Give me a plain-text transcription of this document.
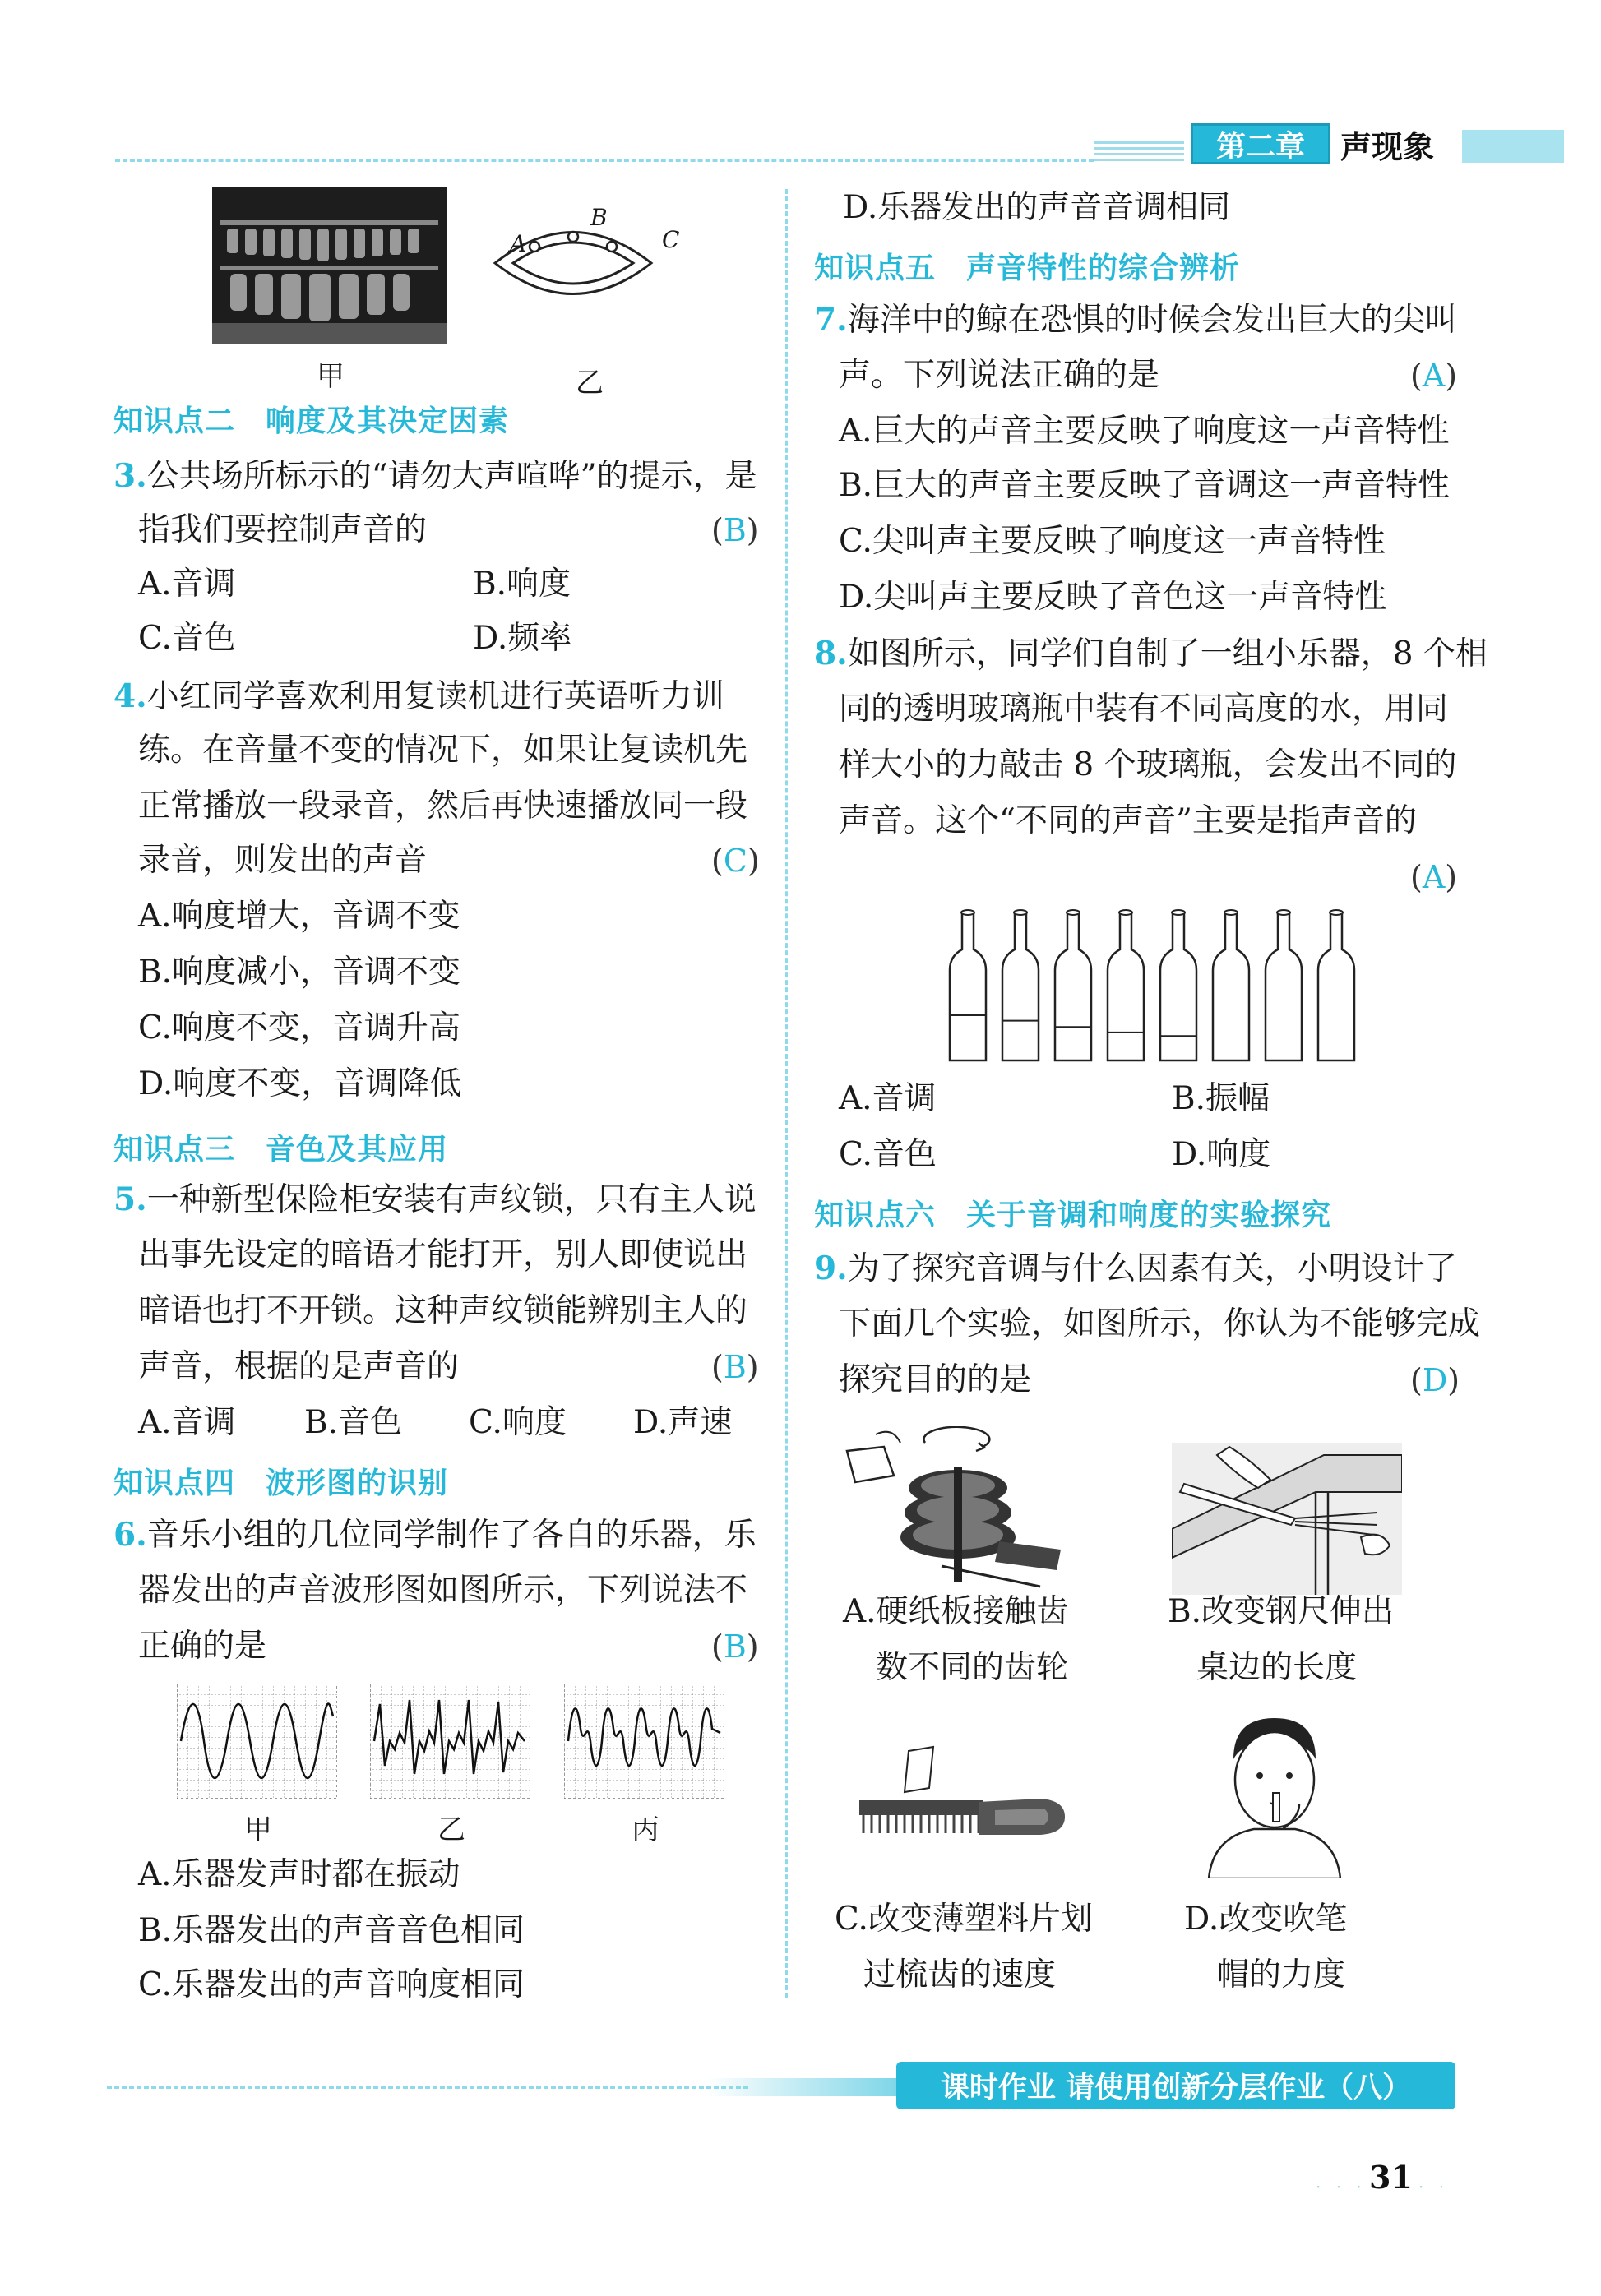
第二章 声现象
甲
A
B
C
乙
知识点二　响度及其决定因素
3.公共场所标示的“请勿大声喧哗”的提示，是
指我们要控制声音的	(B)
A.音调	B.响度
C.音色	D.频率
4.小红同学喜欢利用复读机进行英语听力训
练。在音量不变的情况下，如果让复读机先
正常播放一段录音，然后再快速播放同一段
录音，则发出的声音	(C)
A.响度增大，音调不变
B.响度减小，音调不变
C.响度不变，音调升高
D.响度不变，音调降低
知识点三　音色及其应用
5.一种新型保险柜安装有声纹锁，只有主人说
出事先设定的暗语才能打开，别人即使说出
暗语也打不开锁。这种声纹锁能辨别主人的
声音，根据的是声音的	(B)
A.音调 B.音色 C.响度 D.声速
知识点四　波形图的识别
6.音乐小组的几位同学制作了各自的乐器，乐
器发出的声音波形图如图所示，下列说法不
正确的是	(B)
甲	乙	丙
A.乐器发声时都在振动
B.乐器发出的声音音色相同
C.乐器发出的声音响度相同
D.乐器发出的声音音调相同
知识点五　声音特性的综合辨析
7.海洋中的鲸在恐惧的时候会发出巨大的尖叫
声。下列说法正确的是	(A)
A.巨大的声音主要反映了响度这一声音特性
B.巨大的声音主要反映了音调这一声音特性
C.尖叫声主要反映了响度这一声音特性
D.尖叫声主要反映了音色这一声音特性
8.如图所示，同学们自制了一组小乐器，8 个相
同的透明玻璃瓶中装有不同高度的水，用同
样大小的力敲击 8 个玻璃瓶，会发出不同的
声音。这个“不同的声音”主要是指声音的
(A)
A.音调	B.振幅
C.音色	D.响度
知识点六　关于音调和响度的实验探究
9.为了探究音调与什么因素有关，小明设计了
下面几个实验，如图所示，你认为不能够完成
探究目的的是	(D)
A.硬纸板接触齿
数不同的齿轮
B.改变钢尺伸出
桌边的长度
C.改变薄塑料片划
过梳齿的速度
D.改变吹笔
帽的力度
课时作业 请使用创新分层作业（八）
· · · 31 · ·
